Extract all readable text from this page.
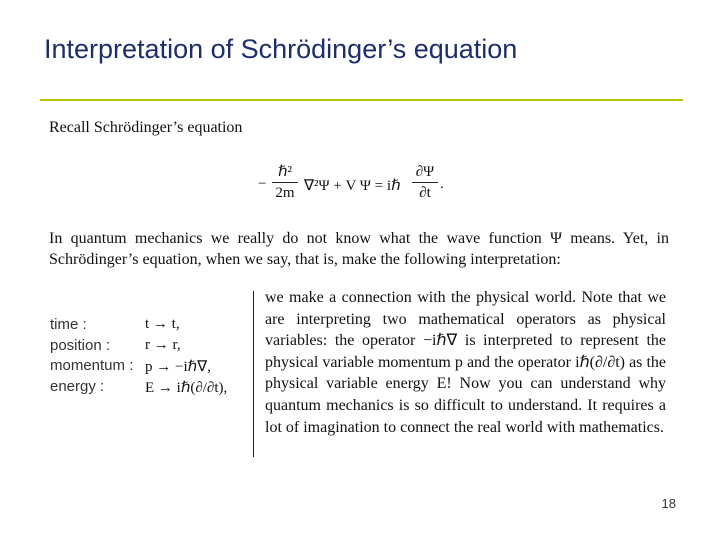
Interpretation of Schrödinger’s equation
Recall Schrödinger’s equation
−
ℏ²
2m ∇²Ψ + V Ψ = iℏ
∂Ψ
∂t
.
In quantum mechanics we really do not know what the wave function Ψ means. Yet, in Schrödinger’s equation, when we say, that is, make the following interpretation:
time :	t → t,
position : r → r,
momentum : p → −iℏ∇,
energy :	E → iℏ(∂/∂t),
we make a connection with the physical world. Note that we are interpreting two mathematical operators as physical variables: the operator −iℏ∇ is interpreted to represent the physical variable momentum p and the operator iℏ(∂/∂t) as the physical variable energy E! Now you can understand why quantum mechanics is so difficult to understand. It requires a lot of imagination to connect the real world with mathematics.
18
